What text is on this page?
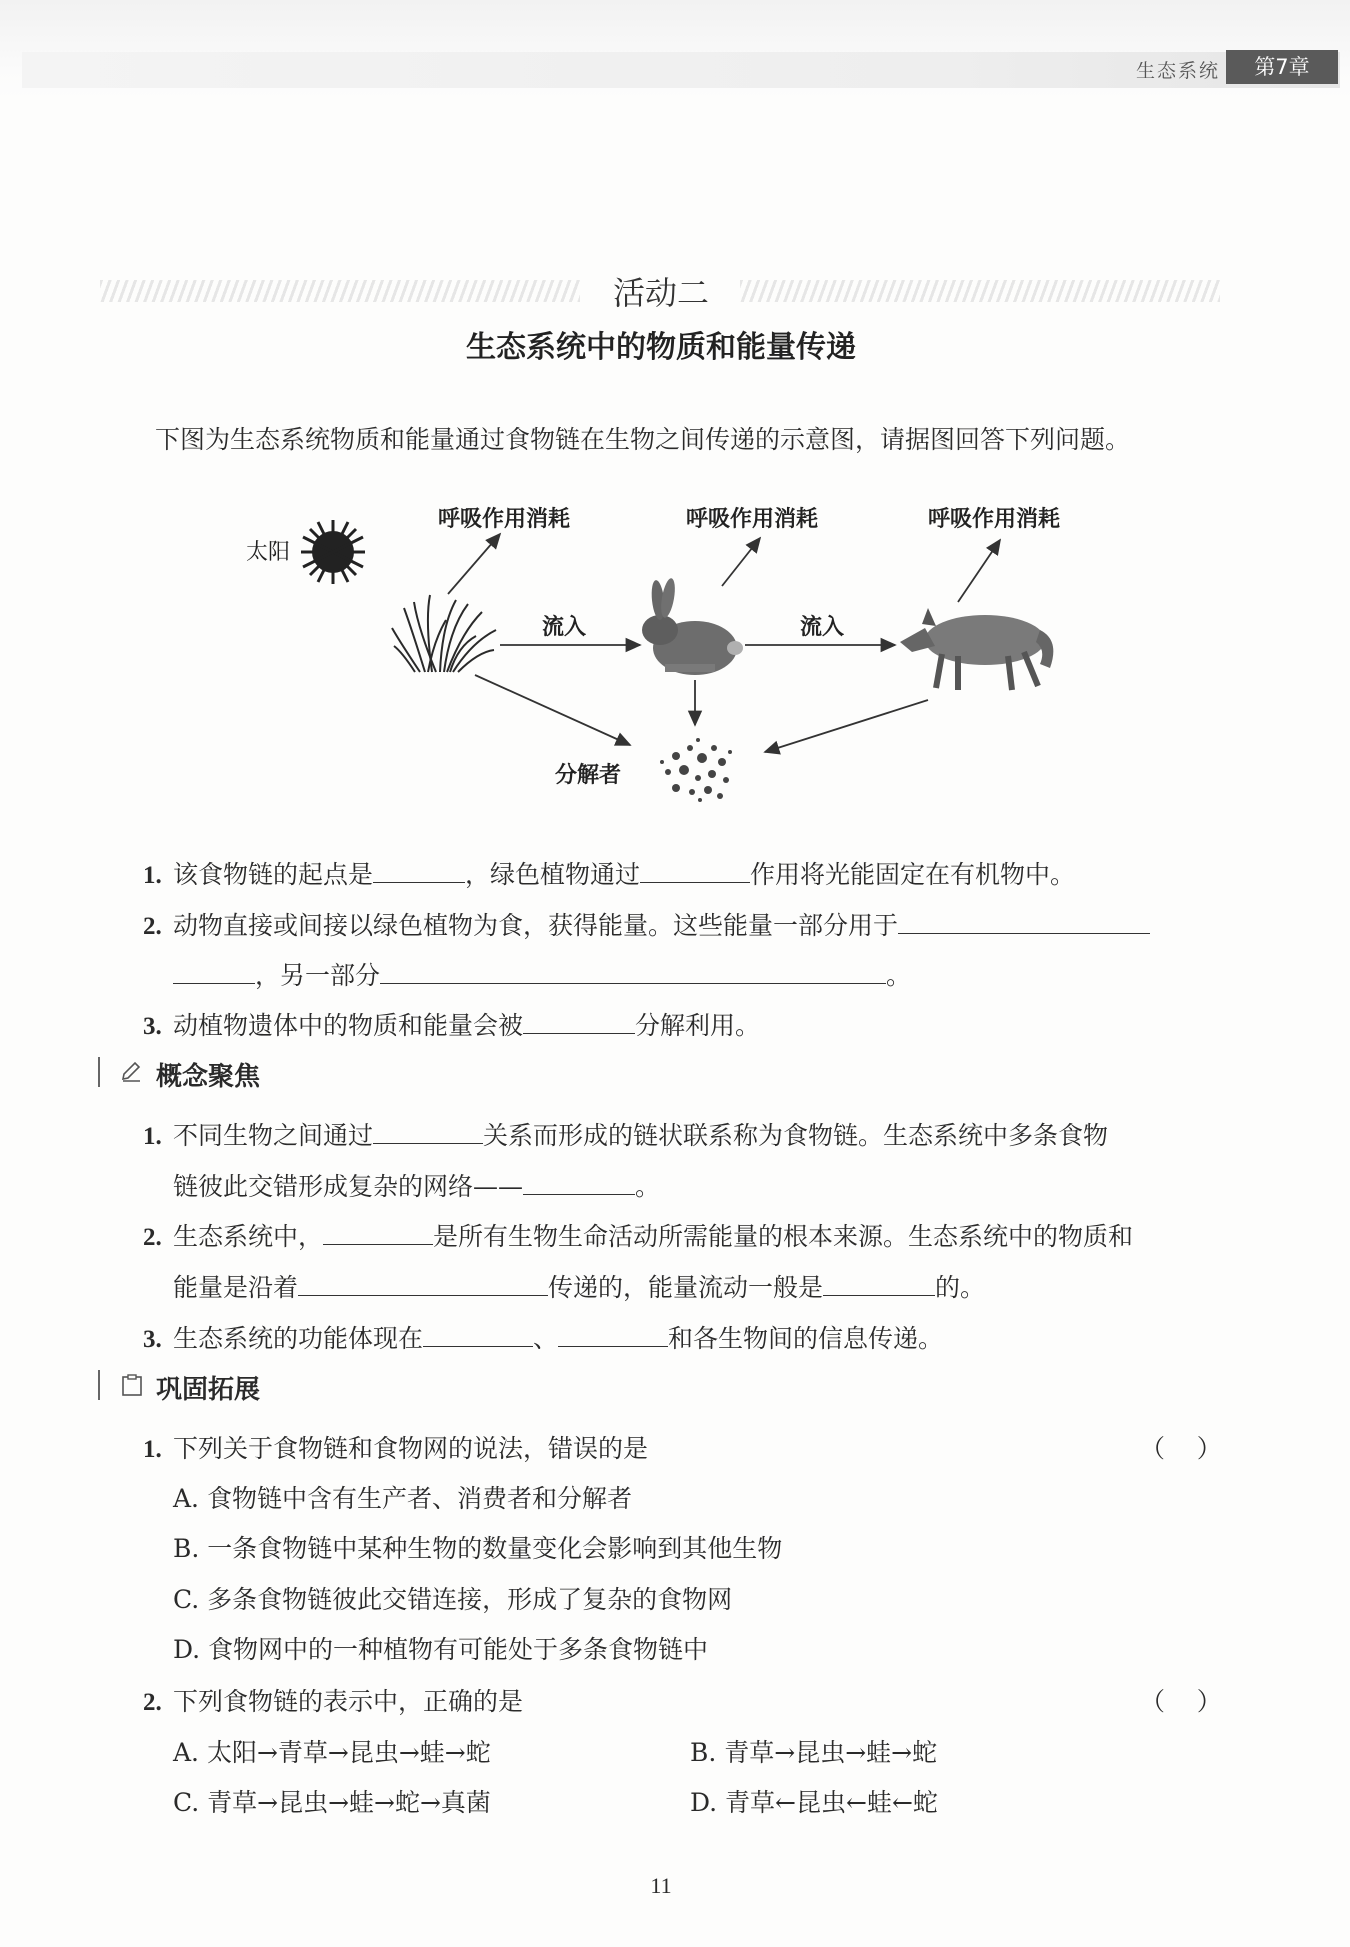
生态系统	第7章
活动二
生态系统中的物质和能量传递
下图为生态系统物质和能量通过食物链在生物之间传递的示意图，请据图回答下列问题。
太阳
呼吸作用消耗	呼吸作用消耗	呼吸作用消耗
流入	流入
分解者
1. 该食物链的起点是	，绿色植物通过	作用将光能固定在有机物中。
2. 动物直接或间接以绿色植物为食，获得能量。这些能量一部分用于
，另一部分	。
3. 动植物遗体中的物质和能量会被	分解利用。
概念聚焦
1. 不同生物之间通过	关系而形成的链状联系称为食物链。生态系统中多条食物
链彼此交错形成复杂的网络——	。
2. 生态系统中，	是所有生物生命活动所需能量的根本来源。生态系统中的物质和
能量是沿着	传递的，能量流动一般是	的。
3. 生态系统的功能体现在	、	和各生物间的信息传递。
巩固拓展
1. 下列关于食物链和食物网的说法，错误的是	（    ）
A. 食物链中含有生产者、消费者和分解者
B. 一条食物链中某种生物的数量变化会影响到其他生物
C. 多条食物链彼此交错连接，形成了复杂的食物网
D. 食物网中的一种植物有可能处于多条食物链中
2. 下列食物链的表示中，正确的是	（    ）
A. 太阳→青草→昆虫→蛙→蛇	B. 青草→昆虫→蛙→蛇
C. 青草→昆虫→蛙→蛇→真菌	D. 青草←昆虫←蛙←蛇
11
